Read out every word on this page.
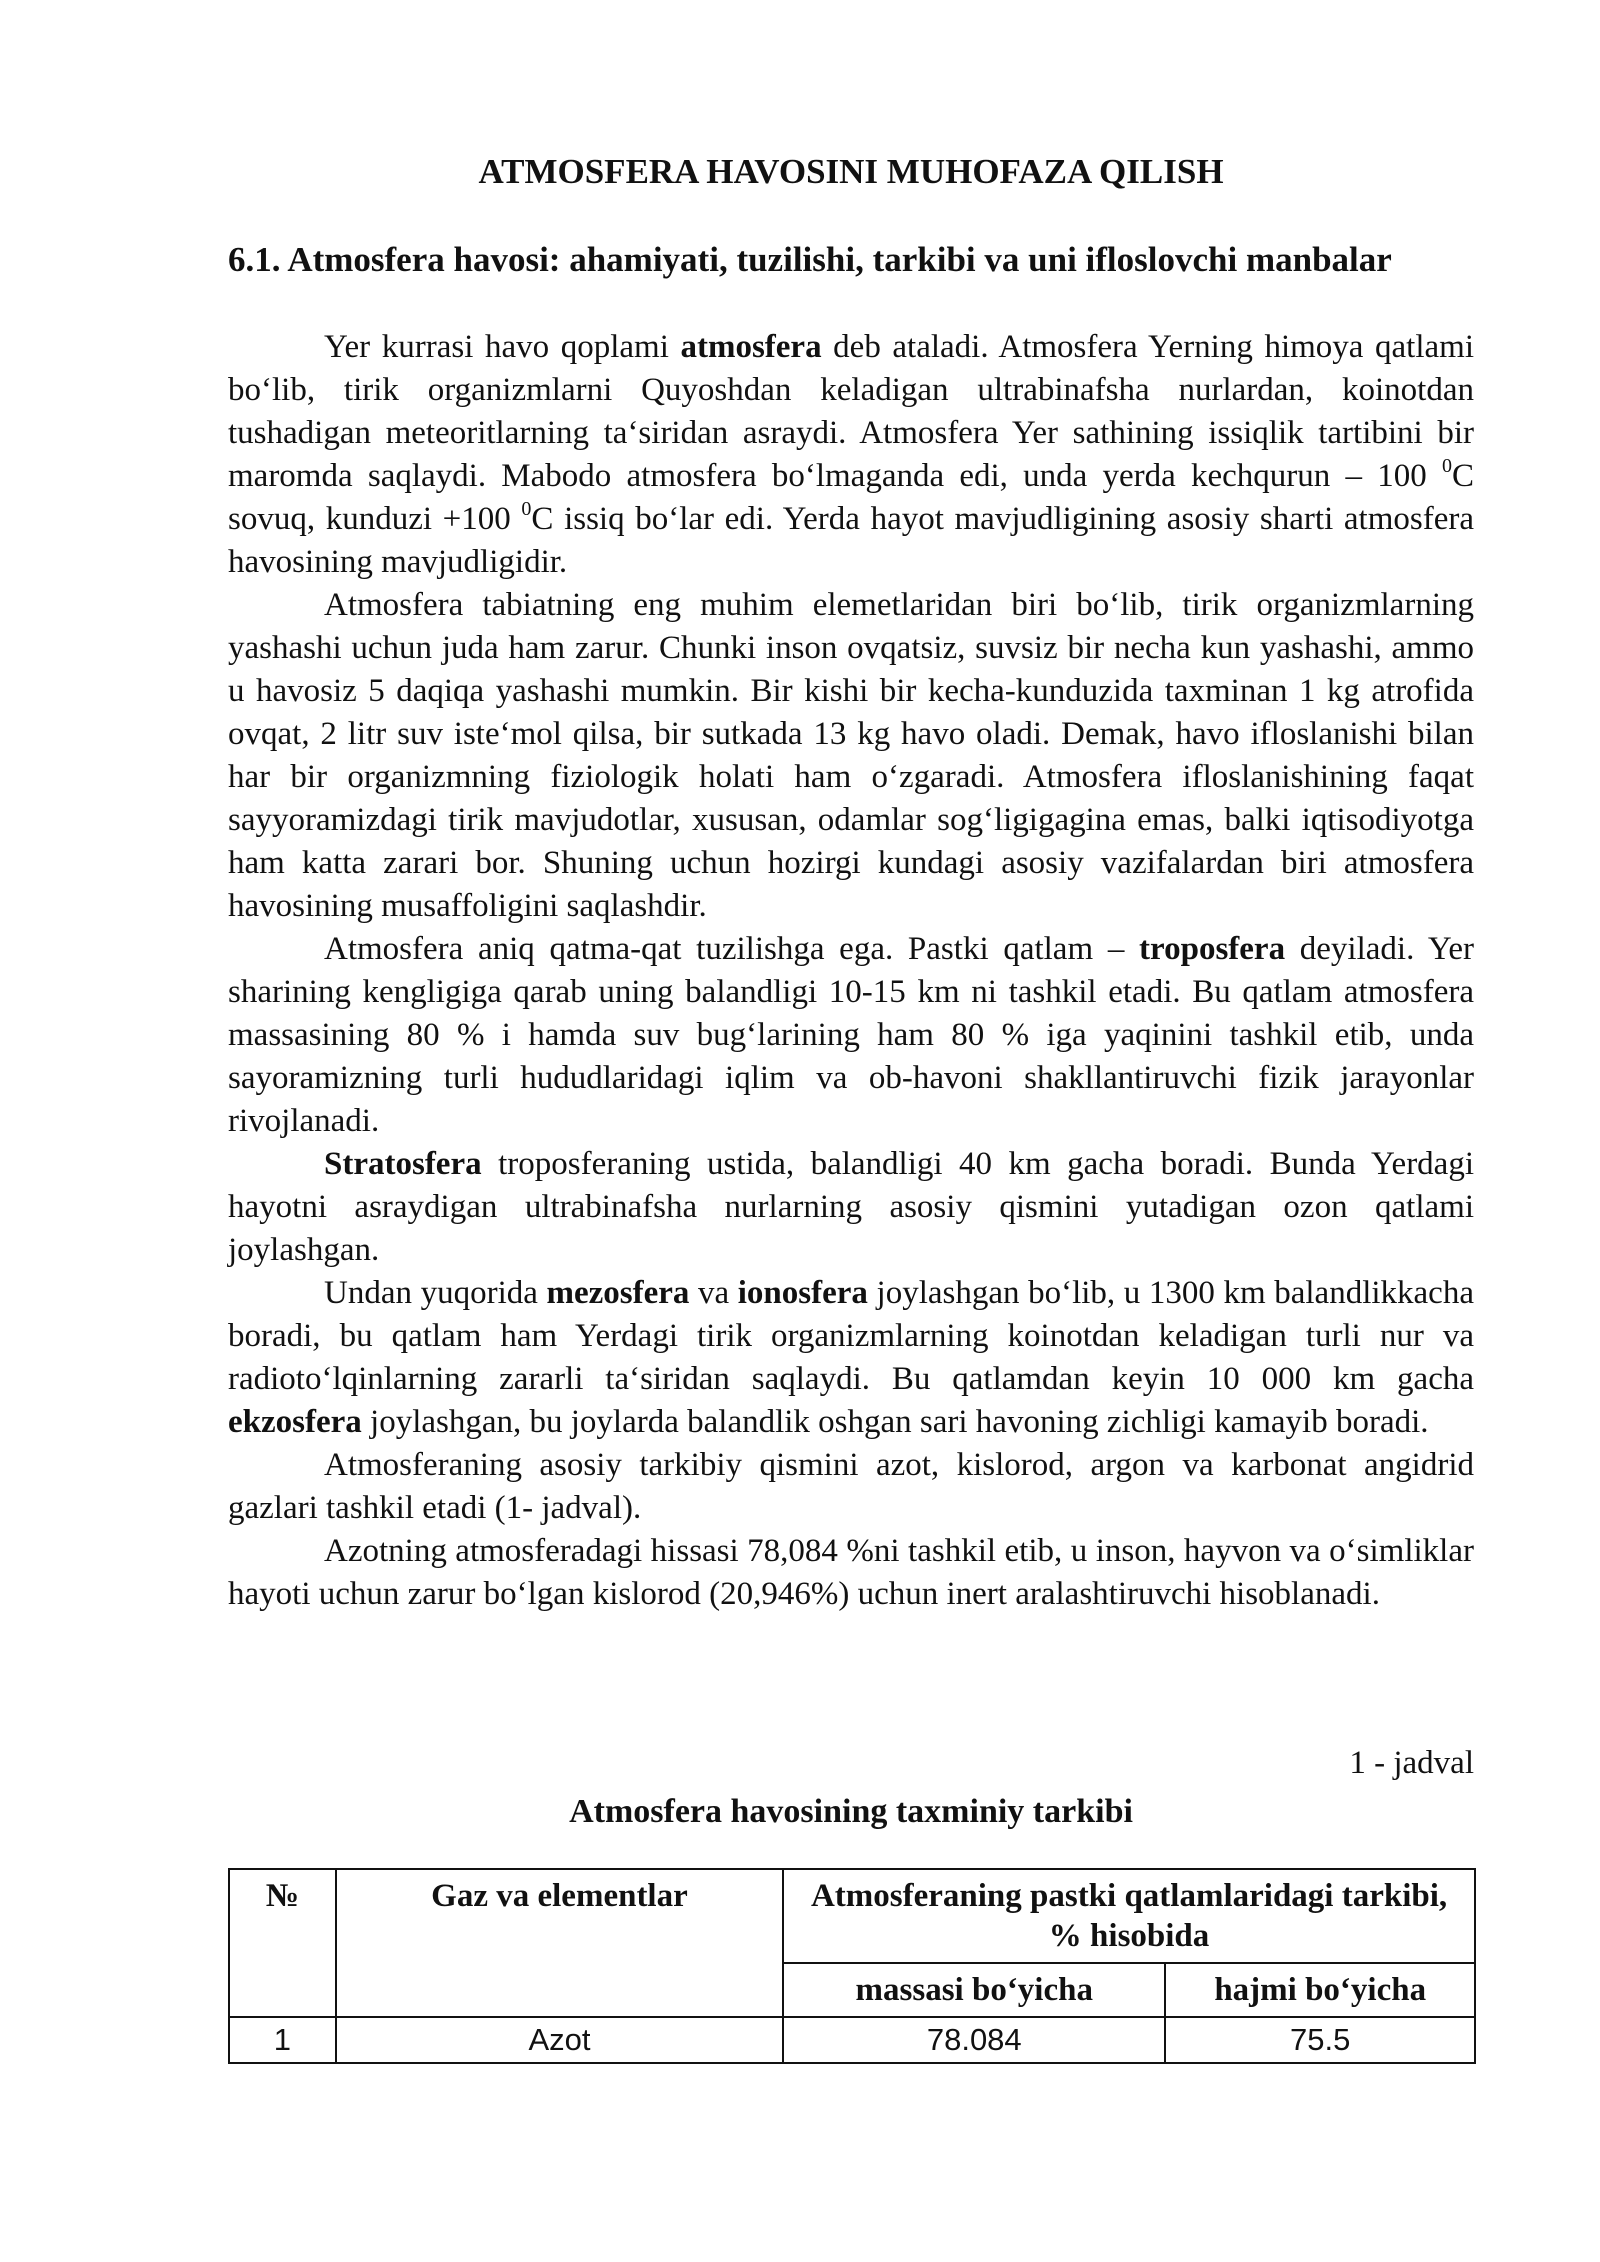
ATMOSFERA HAVOSINI MUHOFAZA QILISH
6.1. Atmosfera havosi: ahamiyati, tuzilishi, tarkibi va uni ifloslovchi manbalar

Yer kurrasi havo qoplami atmosfera deb ataladi. Atmosfera Yerning himoya qatlami bo‘lib, tirik organizmlarni Quyoshdan keladigan ultrabinafsha nurlardan, koinotdan tushadigan meteoritlarning ta‘siridan asraydi. Atmosfera Yer sathining issiqlik tartibini bir maromda saqlaydi. Mabodo atmosfera bo‘lmaganda edi, unda yerda kechqurun – 100 $^0$C sovuq, kunduzi +100 $^0$C issiq bo‘lar edi. Yerda hayot mavjudligining asosiy sharti atmosfera havosining mavjudligidir.

Atmosfera tabiatning eng muhim elemetlaridan biri bo‘lib, tirik organizmlarning yashashi uchun juda ham zarur. Chunki inson ovqatsiz, suvsiz bir necha kun yashashi, ammo u havosiz 5 daqiqa yashashi mumkin. Bir kishi bir kecha-kunduzida taxminan 1 kg atrofida ovqat, 2 litr suv iste‘mol qilsa, bir sutkada 13 kg havo oladi. Demak, havo ifloslanishi bilan har bir organizmning fiziologik holati ham o‘zgaradi. Atmosfera ifloslanishining faqat sayyoramizdagi tirik mavjudotlar, xususan, odamlar sog‘ligigagina emas, balki iqtisodiyotga ham katta zarari bor. Shuning uchun hozirgi kundagi asosiy vazifalardan biri atmosfera havosining musaffoligini saqlashdir.

Atmosfera aniq qatma-qat tuzilishga ega. Pastki qatlam – troposfera deyiladi. Yer sharining kengligiga qarab uning balandligi 10-15 km ni tashkil etadi. Bu qatlam atmosfera massasining 80 % i hamda suv bug‘larining ham 80 % iga yaqinini tashkil etib, unda sayoramizning turli hududlaridagi iqlim va ob-havoni shakllantiruvchi fizik jarayonlar rivojlanadi.

Stratosfera troposferaning ustida, balandligi 40 km gacha boradi. Bunda Yerdagi hayotni asraydigan ultrabinafsha nurlarning asosiy qismini yutadigan ozon qatlami joylashgan.

Undan yuqorida mezosfera va ionosfera joylashgan bo‘lib, u 1300 km balandlikkacha boradi, bu qatlam ham Yerdagi tirik organizmlarning koinotdan keladigan turli nur va radioto‘lqinlarning zararli ta‘siridan saqlaydi. Bu qatlamdan keyin 10 000 km gacha ekzosfera joylashgan, bu joylarda balandlik oshgan sari havoning zichligi kamayib boradi.

Atmosferaning asosiy tarkibiy qismini azot, kislorod, argon va karbonat angidrid gazlari tashkil etadi (1- jadval).

Azotning atmosferadagi hissasi 78,084 %ni tashkil etib, u inson, hayvon va o‘simliklar hayoti uchun zarur bo‘lgan kislorod (20,946%) uchun inert aralashtiruvchi hisoblanadi.

1 - jadval
Atmosfera havosining taxminiy tarkibi
№	Gaz va elementlar	Atmosferaning pastki qatlamlaridagi tarkibi, % hisobida	
		massasi bo‘yicha	hajmi bo‘yicha
1	Azot	78.084	75.5
